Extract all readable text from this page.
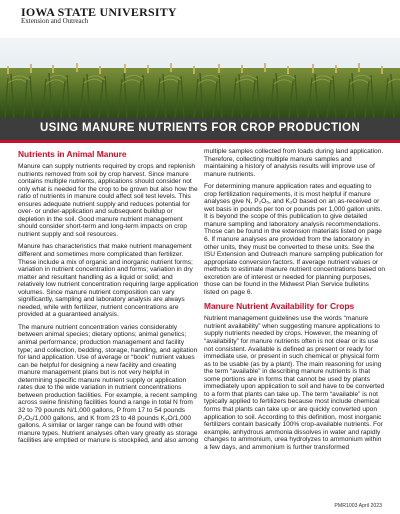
IOWA STATE UNIVERSITY
Extension and Outreach
USING MANURE NUTRIENTS FOR CROP PRODUCTION
Nutrients in Animal Manure

Manure can supply nutrients required by crops and replenish nutrients removed from soil by crop harvest. Since manure contains multiple nutrients, applications should consider not only what is needed for the crop to be grown but also how the ratio of nutrients in manure could affect soil test levels. This ensures adequate nutrient supply and reduces potential for over- or under-application and subsequent buildup or depletion in the soil. Good manure nutrient management should consider short-term and long-term impacts on crop nutrient supply and soil resources.

Manure has characteristics that make nutrient management different and sometimes more complicated than fertilizer. These include a mix of organic and inorganic nutrient forms; variation in nutrient concentration and forms; variation in dry matter and resultant handling as a liquid or solid; and relatively low nutrient concentration requiring large application volumes. Since manure nutrient composition can vary significantly, sampling and laboratory analysis are always needed, while with fertilizer, nutrient concentrations are provided at a guaranteed analysis.

The manure nutrient concentration varies considerably between animal species; dietary options; animal genetics; animal performance; production management and facility type; and collection, bedding, storage, handling, and agitation for land application. Use of average or “book” nutrient values can be helpful for designing a new facility and creating manure management plans but is not very helpful in determining specific manure nutrient supply or application rates due to the wide variation in nutrient concentrations between production facilities. For example, a recent sampling across swine finishing facilities found a range in total N from 32 to 79 pounds N/1,000 gallons, P from 17 to 54 pounds P₂O₅/1,000 gallons, and K from 23 to 48 pounds K₂O/1,000 gallons. A similar or larger range can be found with other manure types. Nutrient analyses often vary greatly as storage facilities are emptied or manure is stockpiled, and also among

multiple samples collected from loads during land application. Therefore, collecting multiple manure samples and maintaining a history of analysis results will improve use of manure nutrients.

For determining manure application rates and equating to crop fertilization requirements, it is most helpful if manure analyses give N, P₂O₅, and K₂O based on an as-received or wet basis in pounds per ton or pounds per 1,000 gallon units. It is beyond the scope of this publication to give detailed manure sampling and laboratory analysis recommendations. Those can be found in the extension materials listed on page 6. If manure analyses are provided from the laboratory in other units, they must be converted to these units. See the ISU Extension and Outreach manure sampling publication for appropriate conversion factors. If average nutrient values or methods to estimate manure nutrient concentrations based on excretion are of interest or needed for planning purposes, those can be found in the Midwest Plan Service bulletins listed on page 6.

Manure Nutrient Availability for Crops

Nutrient management guidelines use the words “manure nutrient availability” when suggesting manure applications to supply nutrients needed by crops. However, the meaning of “availability” for manure nutrients often is not clear or its use not consistent. Available is defined as present or ready for immediate use, or present in such chemical or physical form as to be usable (as by a plant). The main reasoning for using the term “available” in describing manure nutrients is that some portions are in forms that cannot be used by plants immediately upon application to soil and have to be converted to a form that plants can take up. The term “available” is not typically applied to fertilizers because most include chemical forms that plants can take up or are quickly converted upon application to soil. According to this definition, most inorganic fertilizers contain basically 100% crop-available nutrients. For example, anhydrous ammonia dissolves in water and rapidly changes to ammonium, urea hydrolyzes to ammonium within a few days, and ammonium is further transformed

PMR1003 April 2023
